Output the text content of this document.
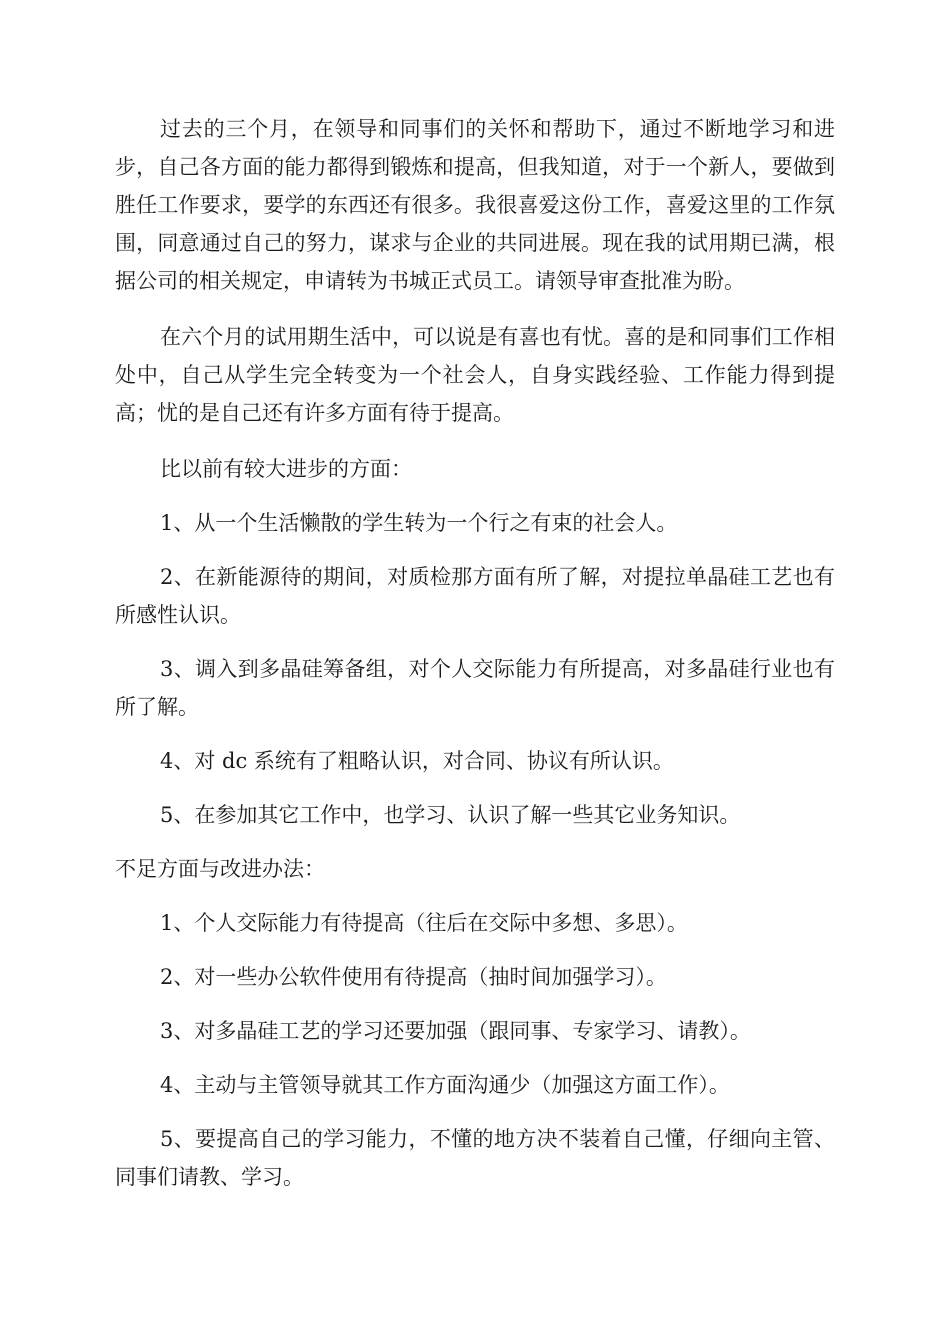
过去的三个月，在领导和同事们的关怀和帮助下，通过不断地学习和进步，自己各方面的能力都得到锻炼和提高，但我知道，对于一个新人，要做到胜任工作要求，要学的东西还有很多。我很喜爱这份工作，喜爱这里的工作氛围，同意通过自己的努力，谋求与企业的共同进展。现在我的试用期已满，根据公司的相关规定，申请转为书城正式员工。请领导审查批准为盼。

在六个月的试用期生活中，可以说是有喜也有忧。喜的是和同事们工作相处中，自己从学生完全转变为一个社会人，自身实践经验、工作能力得到提高；忧的是自己还有许多方面有待于提高。

比以前有较大进步的方面：

1、从一个生活懒散的学生转为一个行之有束的社会人。

2、在新能源待的期间，对质检那方面有所了解，对提拉单晶硅工艺也有所感性认识。

3、调入到多晶硅筹备组，对个人交际能力有所提高，对多晶硅行业也有所了解。

4、对 dc 系统有了粗略认识，对合同、协议有所认识。

5、在参加其它工作中，也学习、认识了解一些其它业务知识。

不足方面与改进办法：

1、个人交际能力有待提高（往后在交际中多想、多思）。

2、对一些办公软件使用有待提高（抽时间加强学习）。

3、对多晶硅工艺的学习还要加强（跟同事、专家学习、请教）。

4、主动与主管领导就其工作方面沟通少（加强这方面工作）。

5、要提高自己的学习能力，不懂的地方决不装着自己懂，仔细向主管、同事们请教、学习。
